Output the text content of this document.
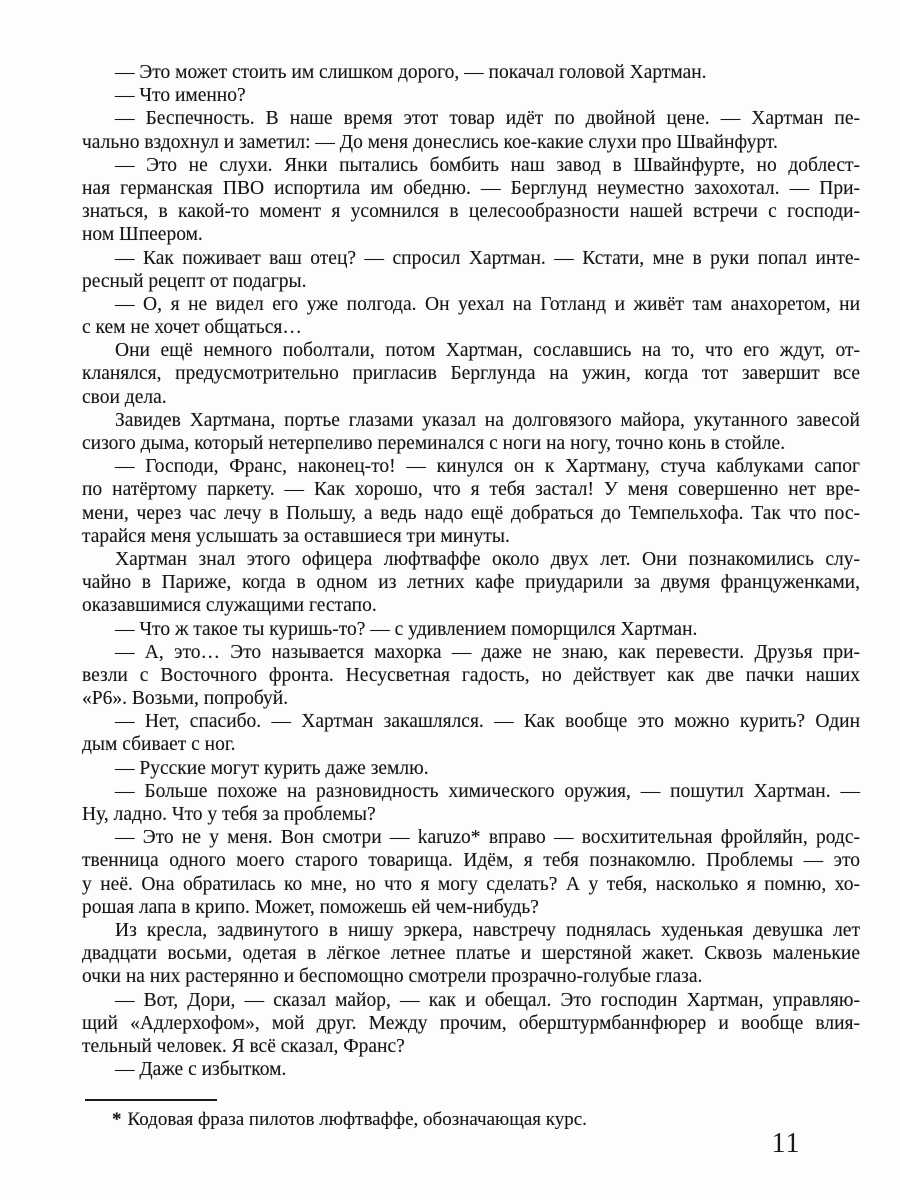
— Это может стоить им слишком дорого, — покачал головой Хартман.
— Что именно?
— Беспечность. В наше время этот товар идёт по двойной цене. — Хартман пе-
чально вздохнул и заметил: — До меня донеслись кое-какие слухи про Швайнфурт.
— Это не слухи. Янки пытались бомбить наш завод в Швайнфурте, но доблест-
ная германская ПВО испортила им обедню. — Берглунд неуместно захохотал. — При-
знаться, в какой-то момент я усомнился в целесообразности нашей встречи с господи-
ном Шпеером.
— Как поживает ваш отец? — спросил Хартман. — Кстати, мне в руки попал инте-
ресный рецепт от подагры.
— О, я не видел его уже полгода. Он уехал на Готланд и живёт там анахоретом, ни
с кем не хочет общаться…
Они ещё немного поболтали, потом Хартман, сославшись на то, что его ждут, от-
кланялся, предусмотрительно пригласив Берглунда на ужин, когда тот завершит все
свои дела.
Завидев Хартмана, портье глазами указал на долговязого майора, укутанного завесой
сизого дыма, который нетерпеливо переминался с ноги на ногу, точно конь в стойле.
— Господи, Франс, наконец-то! — кинулся он к Хартману, стуча каблуками сапог
по натёртому паркету. — Как хорошо, что я тебя застал! У меня совершенно нет вре-
мени, через час лечу в Польшу, а ведь надо ещё добраться до Темпельхофа. Так что пос-
тарайся меня услышать за оставшиеся три минуты.
Хартман знал этого офицера люфтваффе около двух лет. Они познакомились слу-
чайно в Париже, когда в одном из летних кафе приударили за двумя француженками,
оказавшимися служащими гестапо.
— Что ж такое ты куришь-то? — с удивлением поморщился Хартман.
— А, это… Это называется махорка — даже не знаю, как перевести. Друзья при-
везли с Восточного фронта. Несусветная гадость, но действует как две пачки наших
«Р6». Возьми, попробуй.
— Нет, спасибо. — Хартман закашлялся. — Как вообще это можно курить? Один
дым сбивает с ног.
— Русские могут курить даже землю.
— Больше похоже на разновидность химического оружия, — пошутил Хартман. —
Ну, ладно. Что у тебя за проблемы?
— Это не у меня. Вон смотри — karuzo* вправо — восхитительная фройляйн, родс-
твенница одного моего старого товарища. Идём, я тебя познакомлю. Проблемы — это
у неё. Она обратилась ко мне, но что я могу сделать? А у тебя, насколько я помню, хо-
рошая лапа в крипо. Может, поможешь ей чем-нибудь?
Из кресла, задвинутого в нишу эркера, навстречу поднялась худенькая девушка лет
двадцати восьми, одетая в лёгкое летнее платье и шерстяной жакет. Сквозь маленькие
очки на них растерянно и беспомощно смотрели прозрачно-голубые глаза.
— Вот, Дори, — сказал майор, — как и обещал. Это господин Хартман, управляю-
щий «Адлерхофом», мой друг. Между прочим, оберштурмбаннфюрер и вообще влия-
тельный человек. Я всё сказал, Франс?
— Даже с избытком.
* Кодовая фраза пилотов люфтваффе, обозначающая курс.
11
